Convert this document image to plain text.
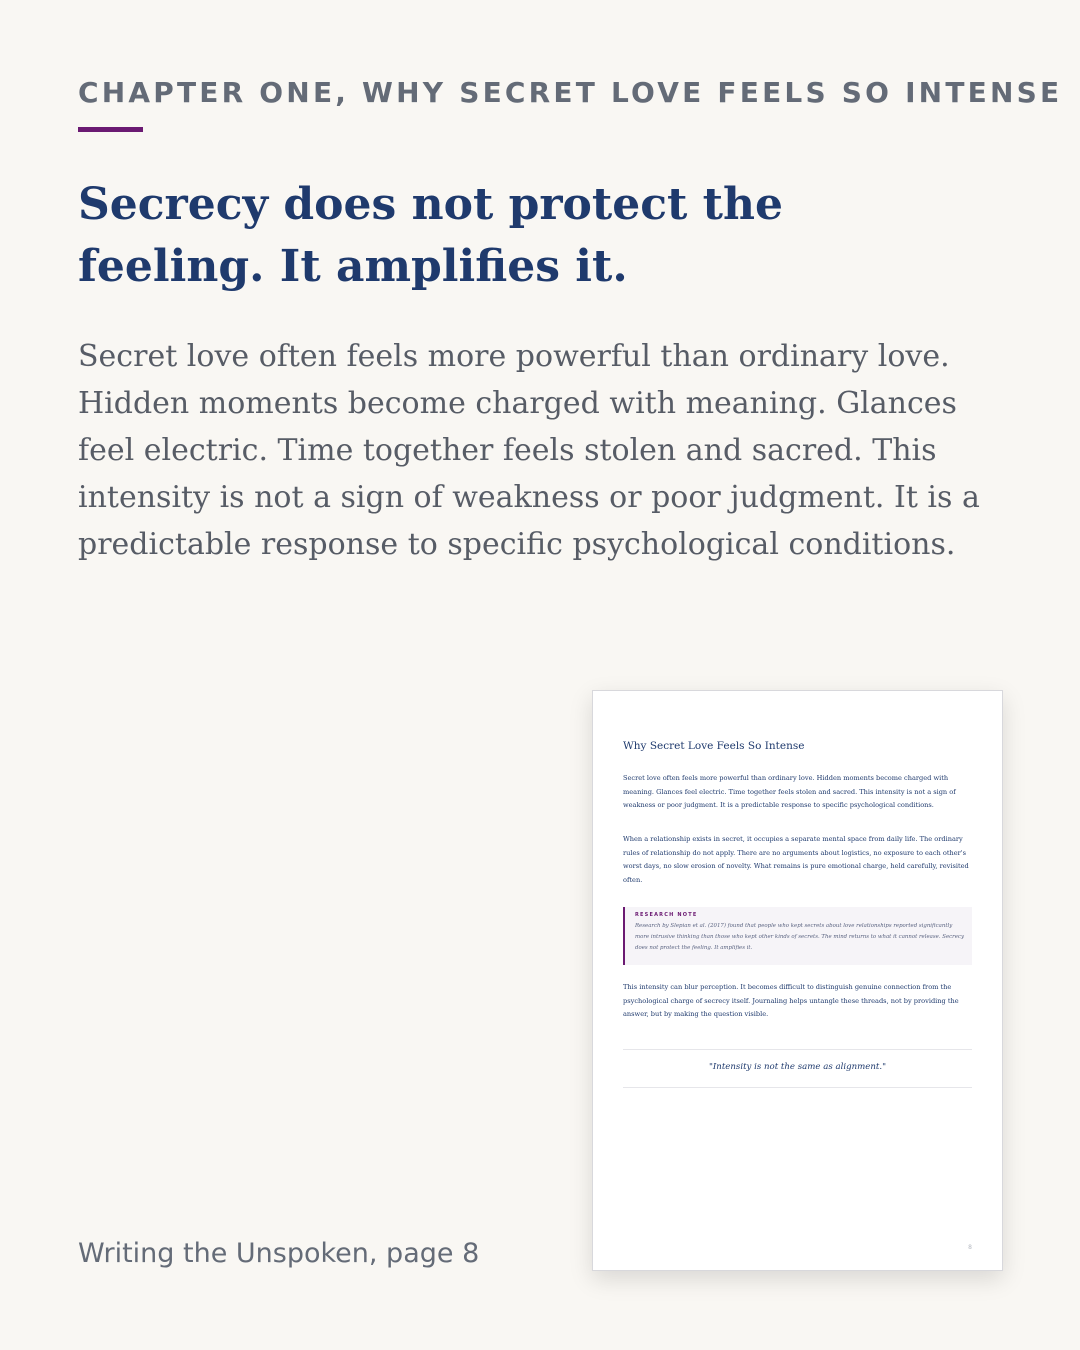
CHAPTER ONE, WHY SECRET LOVE FEELS SO INTENSE
Secrecy does not protect the feeling. It amplifies it.

Secret love often feels more powerful than ordinary love. Hidden moments become charged with meaning. Glances feel electric. Time together feels stolen and sacred. This intensity is not a sign of weakness or poor judgment. It is a predictable response to specific psychological conditions.

Why Secret Love Feels So Intense

Secret love often feels more powerful than ordinary love. Hidden moments become charged with meaning. Glances feel electric. Time together feels stolen and sacred. This intensity is not a sign of weakness or poor judgment. It is a predictable response to specific psychological conditions.

When a relationship exists in secret, it occupies a separate mental space from daily life. The ordinary rules of relationship do not apply. There are no arguments about logistics, no exposure to each other's worst days, no slow erosion of novelty. What remains is pure emotional charge, held carefully, revisited often.

RESEARCH NOTE
Research by Slepian et al. (2017) found that people who kept secrets about love relationships reported significantly more intrusive thinking than those who kept other kinds of secrets. The mind returns to what it cannot release. Secrecy does not protect the feeling. It amplifies it.

This intensity can blur perception. It becomes difficult to distinguish genuine connection from the psychological charge of secrecy itself. Journaling helps untangle these threads, not by providing the answer, but by making the question visible.

"Intensity is not the same as alignment."
8
Writing the Unspoken, page 8
